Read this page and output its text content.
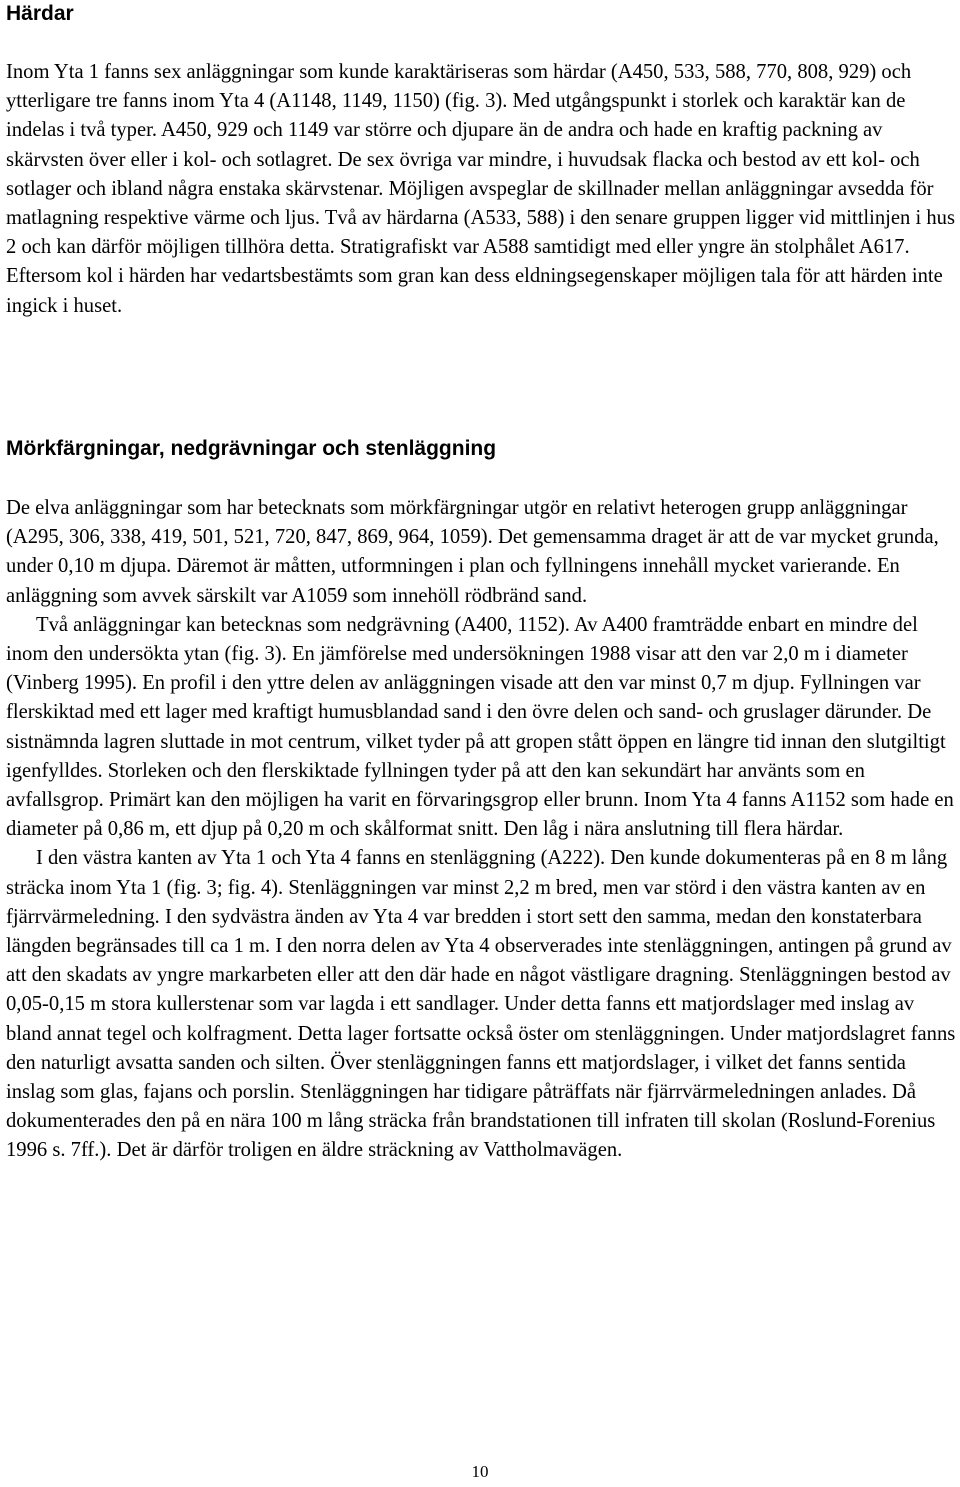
Härdar

Inom Yta 1 fanns sex anläggningar som kunde karaktäriseras som härdar (A450, 533, 588, 770, 808, 929) och ytterligare tre fanns inom Yta 4 (A1148, 1149, 1150) (fig. 3). Med utgångspunkt i storlek och karaktär kan de indelas i två typer. A450, 929 och 1149 var större och djupare än de andra och hade en kraftig packning av skärvsten över eller i kol- och sotlagret. De sex övriga var mindre, i huvudsak flacka och bestod av ett kol- och sotlager och ibland några enstaka skärvstenar. Möjligen avspeglar de skillnader mellan anläggningar avsedda för matlagning respektive värme och ljus. Två av härdarna (A533, 588) i den senare gruppen ligger vid mittlinjen i hus 2 och kan därför möjligen tillhöra detta. Stratigrafiskt var A588 samtidigt med eller yngre än stolphålet A617. Eftersom kol i härden har vedartsbestämts som gran kan dess eldningsegenskaper möjligen tala för att härden inte ingick i huset.

Mörkfärgningar, nedgrävningar och stenläggning

De elva anläggningar som har betecknats som mörkfärgningar utgör en relativt heterogen grupp anläggningar (A295, 306, 338, 419, 501, 521, 720, 847, 869, 964, 1059). Det gemensamma draget är att de var mycket grunda, under 0,10 m djupa. Däremot är måtten, utformningen i plan och fyllningens innehåll mycket varierande. En anläggning som avvek särskilt var A1059 som innehöll rödbränd sand.

Två anläggningar kan betecknas som nedgrävning (A400, 1152). Av A400 framträdde enbart en mindre del inom den undersökta ytan (fig. 3). En jämförelse med undersökningen 1988 visar att den var 2,0 m i diameter (Vinberg 1995). En profil i den yttre delen av anläggningen visade att den var minst 0,7 m djup. Fyllningen var flerskiktad med ett lager med kraftigt humusblandad sand i den övre delen och sand- och gruslager därunder. De sistnämnda lagren sluttade in mot centrum, vilket tyder på att gropen stått öppen en längre tid innan den slutgiltigt igenfylldes. Storleken och den flerskiktade fyllningen tyder på att den kan sekundärt har använts som en avfallsgrop. Primärt kan den möjligen ha varit en förvaringsgrop eller brunn. Inom Yta 4 fanns A1152 som hade en diameter på 0,86 m, ett djup på 0,20 m och skålformat snitt. Den låg i nära anslutning till flera härdar.

I den västra kanten av Yta 1 och Yta 4 fanns en stenläggning (A222). Den kunde dokumenteras på en 8 m lång sträcka inom Yta 1 (fig. 3; fig. 4). Stenläggningen var minst 2,2 m bred, men var störd i den västra kanten av en fjärrvärmeledning. I den sydvästra änden av Yta 4 var bredden i stort sett den samma, medan den konstaterbara längden begränsades till ca 1 m. I den norra delen av Yta 4 observerades inte stenläggningen, antingen på grund av att den skadats av yngre markarbeten eller att den där hade en något västligare dragning. Stenläggningen bestod av 0,05-0,15 m stora kullerstenar som var lagda i ett sandlager. Under detta fanns ett matjordslager med inslag av bland annat tegel och kolfragment. Detta lager fortsatte också öster om stenläggningen. Under matjordslagret fanns den naturligt avsatta sanden och silten. Över stenläggningen fanns ett matjordslager, i vilket det fanns sentida inslag som glas, fajans och porslin. Stenläggningen har tidigare påträffats när fjärrvärmeledningen anlades. Då dokumenterades den på en nära 100 m lång sträcka från brandstationen till infraten till skolan (Roslund-Forenius 1996 s. 7ff.). Det är därför troligen en äldre sträckning av Vattholmavägen.

10
